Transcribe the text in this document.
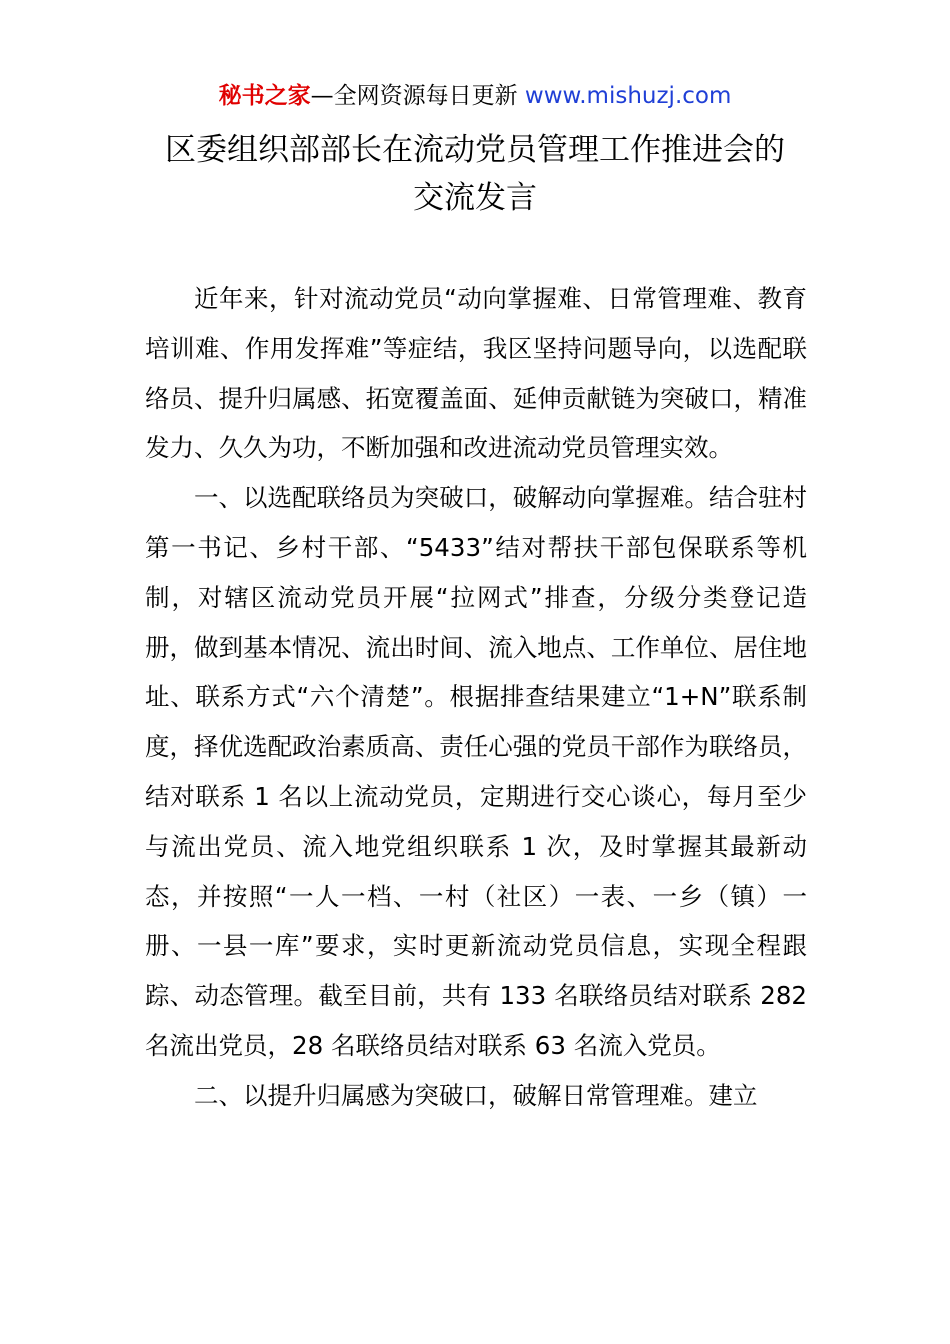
秘书之家—全网资源每日更新 www.mishuzj.com
区委组织部部长在流动党员管理工作推进会的
交流发言

近年来，针对流动党员“动向掌握难、日常管理难、教育培训难、作用发挥难”等症结，我区坚持问题导向，以选配联络员、提升归属感、拓宽覆盖面、延伸贡献链为突破口，精准发力、久久为功，不断加强和改进流动党员管理实效。

一、以选配联络员为突破口，破解动向掌握难。结合驻村第一书记、乡村干部、“5433”结对帮扶干部包保联系等机制，对辖区流动党员开展“拉网式”排查，分级分类登记造册，做到基本情况、流出时间、流入地点、工作单位、居住地址、联系方式“六个清楚”。根据排查结果建立“1+N”联系制度，择优选配政治素质高、责任心强的党员干部作为联络员，结对联系 1 名以上流动党员，定期进行交心谈心，每月至少与流出党员、流入地党组织联系 1 次，及时掌握其最新动态，并按照“一人一档、一村（社区）一表、一乡（镇）一册、一县一库”要求，实时更新流动党员信息，实现全程跟踪、动态管理。截至目前，共有 133 名联络员结对联系 282 名流出党员，28 名联络员结对联系 63 名流入党员。

二、以提升归属感为突破口，破解日常管理难。建立
